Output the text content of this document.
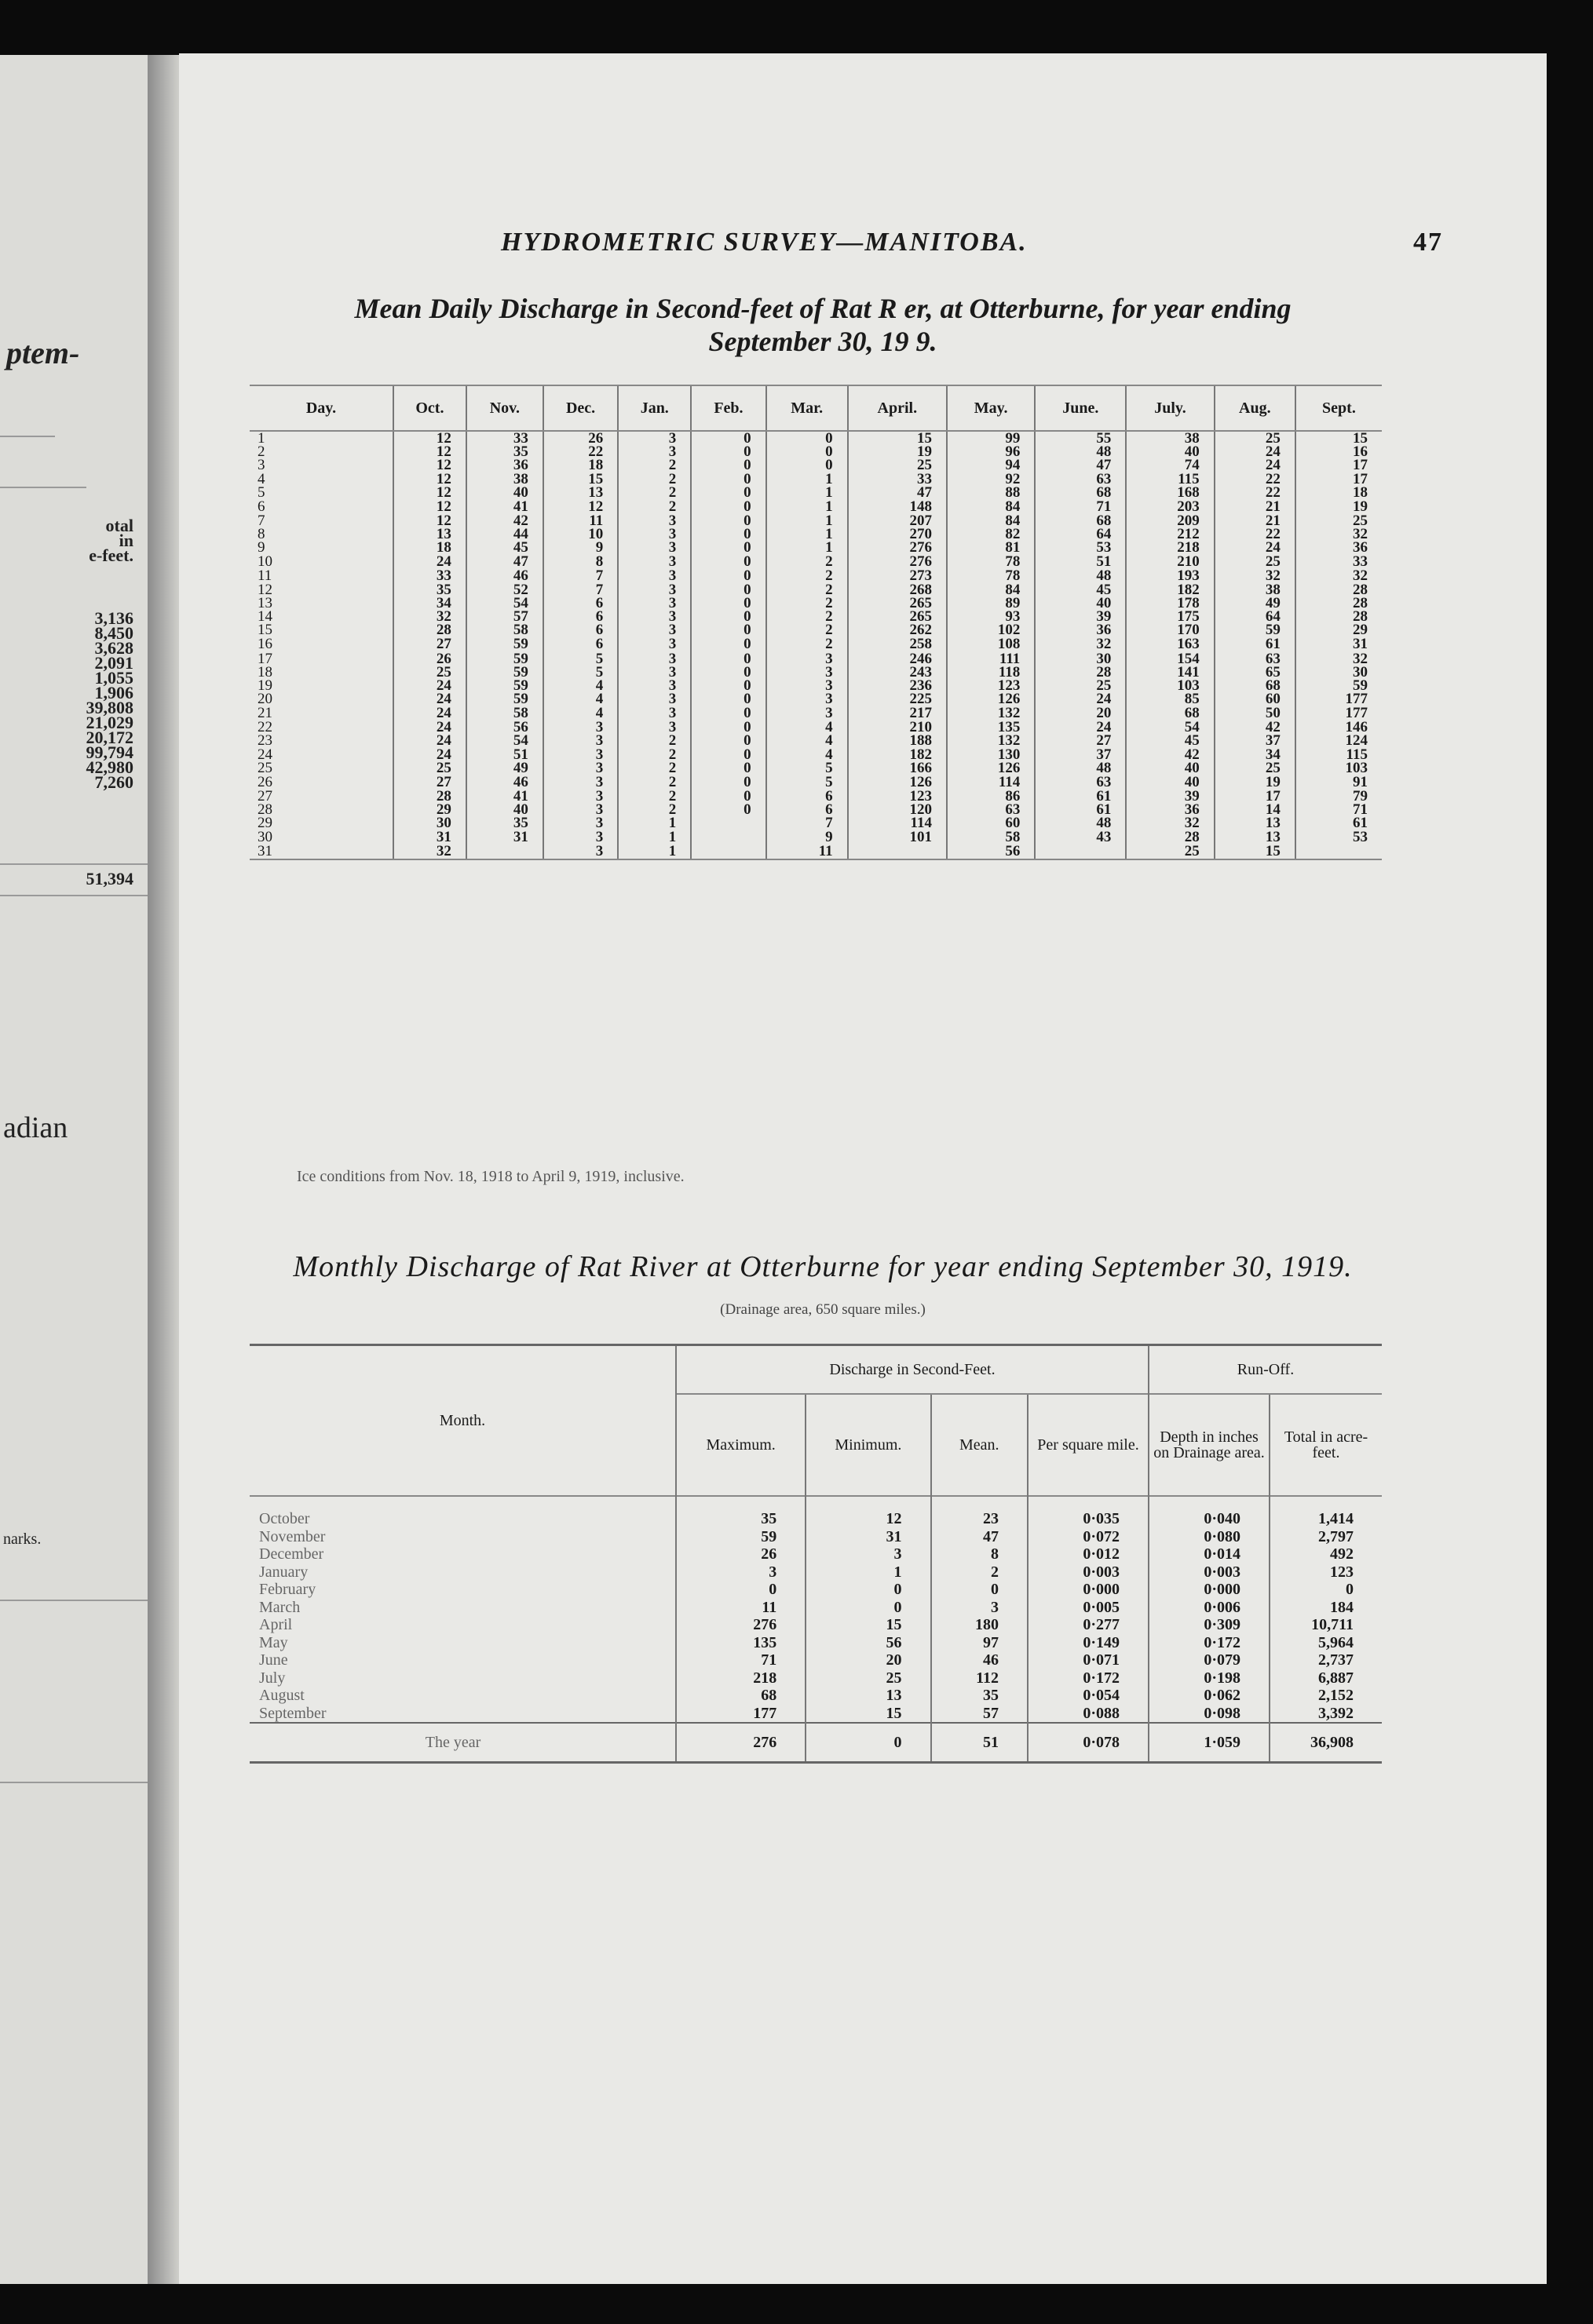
ptem-
otal
in
e-feet.
3,136
8,450
3,628
2,091
1,055
1,906
39,808
21,029
20,172
99,794
42,980
7,260
51,394
adian
narks.
HYDROMETRIC SURVEY—MANITOBA.	47
Mean Daily Discharge in Second-feet of Rat R er, at Otterburne, for year ending
September 30, 19 9.
Day.	Oct.	Nov.	Dec.	Jan.	Feb.	Mar.	April.	May.	June.	July.	Aug.	Sept.
1	12	33	26	3	0	0	15	99	55	38	25	15
2	12	35	22	3	0	0	19	96	48	40	24	16
3	12	36	18	2	0	0	25	94	47	74	24	17
4	12	38	15	2	0	1	33	92	63	115	22	17
5	12	40	13	2	0	1	47	88	68	168	22	18
6	12	41	12	2	0	1	148	84	71	203	21	19
7	12	42	11	3	0	1	207	84	68	209	21	25
8	13	44	10	3	0	1	270	82	64	212	22	32
9	18	45	9	3	0	1	276	81	53	218	24	36
10	24	47	8	3	0	2	276	78	51	210	25	33
11	33	46	7	3	0	2	273	78	48	193	32	32
12	35	52	7	3	0	2	268	84	45	182	38	28
13	34	54	6	3	0	2	265	89	40	178	49	28
14	32	57	6	3	0	2	265	93	39	175	64	28
15	28	58	6	3	0	2	262	102	36	170	59	29
16	27	59	6	3	0	2	258	108	32	163	61	31
17	26	59	5	3	0	3	246	111	30	154	63	32
18	25	59	5	3	0	3	243	118	28	141	65	30
19	24	59	4	3	0	3	236	123	25	103	68	59
20	24	59	4	3	0	3	225	126	24	85	60	177
21	24	58	4	3	0	3	217	132	20	68	50	177
22	24	56	3	3	0	4	210	135	24	54	42	146
23	24	54	3	2	0	4	188	132	27	45	37	124
24	24	51	3	2	0	4	182	130	37	42	34	115
25	25	49	3	2	0	5	166	126	48	40	25	103
26	27	46	3	2	0	5	126	114	63	40	19	91
27	28	41	3	2	0	6	123	86	61	39	17	79
28	29	40	3	2	0	6	120	63	61	36	14	71
29	30	35	3	1		7	114	60	48	32	13	61
30	31	31	3	1		9	101	58	43	28	13	53
31	32		3	1		11		56		25	15	
Ice conditions from Nov. 18, 1918 to April 9, 1919, inclusive.
Monthly Discharge of Rat River at Otterburne for year ending September 30, 1919.
(Drainage area, 650 square miles.)
Month.	Discharge in Second-Feet.				Run-Off.	
	Maximum.	Minimum.	Mean.	Per square mile.	Depth in inches on Drainage area.	Total in acre-feet.
October	35	12	23	0·035	0·040	1,414
November	59	31	47	0·072	0·080	2,797
December	26	3	8	0·012	0·014	492
January	3	1	2	0·003	0·003	123
February	0	0	0	0·000	0·000	0
March	11	0	3	0·005	0·006	184
April	276	15	180	0·277	0·309	10,711
May	135	56	97	0·149	0·172	5,964
June	71	20	46	0·071	0·079	2,737
July	218	25	112	0·172	0·198	6,887
August	68	13	35	0·054	0·062	2,152
September	177	15	57	0·088	0·098	3,392
The year	276	0	51	0·078	1·059	36,908
